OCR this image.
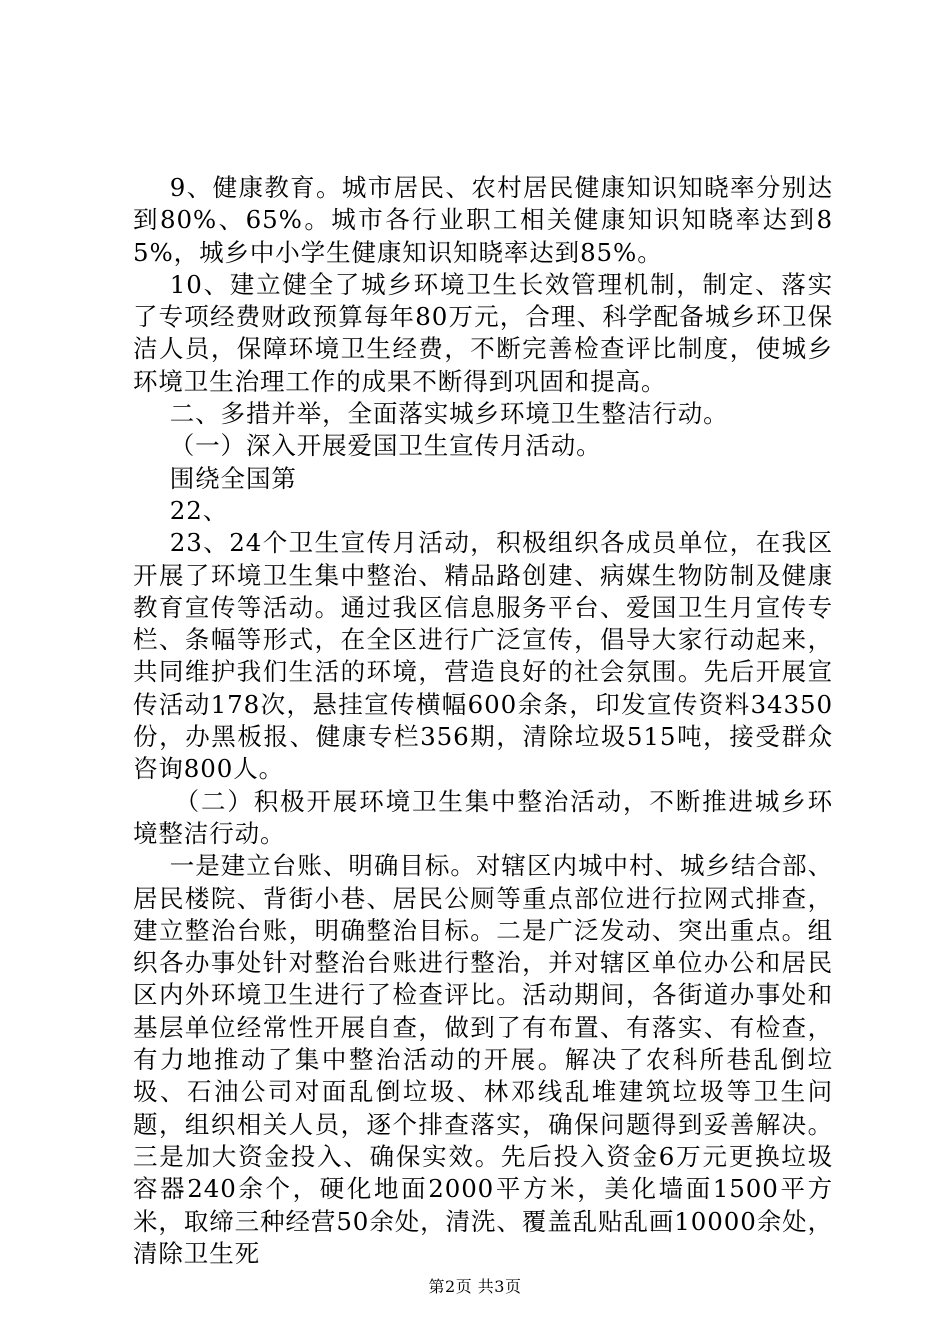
9、健康教育。城市居民、农村居民健康知识知晓率分别达到80%、65%。城市各行业职工相关健康知识知晓率达到85%，城乡中小学生健康知识知晓率达到85%。

10、建立健全了城乡环境卫生长效管理机制，制定、落实了专项经费财政预算每年80万元，合理、科学配备城乡环卫保洁人员，保障环境卫生经费，不断完善检查评比制度，使城乡环境卫生治理工作的成果不断得到巩固和提高。

二、多措并举，全面落实城乡环境卫生整洁行动。

（一）深入开展爱国卫生宣传月活动。

围绕全国第

22、

23、24个卫生宣传月活动，积极组织各成员单位，在我区开展了环境卫生集中整治、精品路创建、病媒生物防制及健康教育宣传等活动。通过我区信息服务平台、爱国卫生月宣传专栏、条幅等形式，在全区进行广泛宣传，倡导大家行动起来，共同维护我们生活的环境，营造良好的社会氛围。先后开展宣传活动178次，悬挂宣传横幅600余条，印发宣传资料34350份，办黑板报、健康专栏356期，清除垃圾515吨，接受群众咨询800人。

（二）积极开展环境卫生集中整治活动，不断推进城乡环境整洁行动。

一是建立台账、明确目标。对辖区内城中村、城乡结合部、居民楼院、背街小巷、居民公厕等重点部位进行拉网式排查，建立整治台账，明确整治目标。二是广泛发动、突出重点。组织各办事处针对整治台账进行整治，并对辖区单位办公和居民区内外环境卫生进行了检查评比。活动期间，各街道办事处和基层单位经常性开展自查，做到了有布置、有落实、有检查，有力地推动了集中整治活动的开展。解决了农科所巷乱倒垃圾、石油公司对面乱倒垃圾、林邓线乱堆建筑垃圾等卫生问题，组织相关人员，逐个排查落实，确保问题得到妥善解决。三是加大资金投入、确保实效。先后投入资金6万元更换垃圾容器240余个，硬化地面2000平方米，美化墙面1500平方米，取缔三种经营50余处，清洗、覆盖乱贴乱画10000余处，清除卫生死

第2页 共3页
